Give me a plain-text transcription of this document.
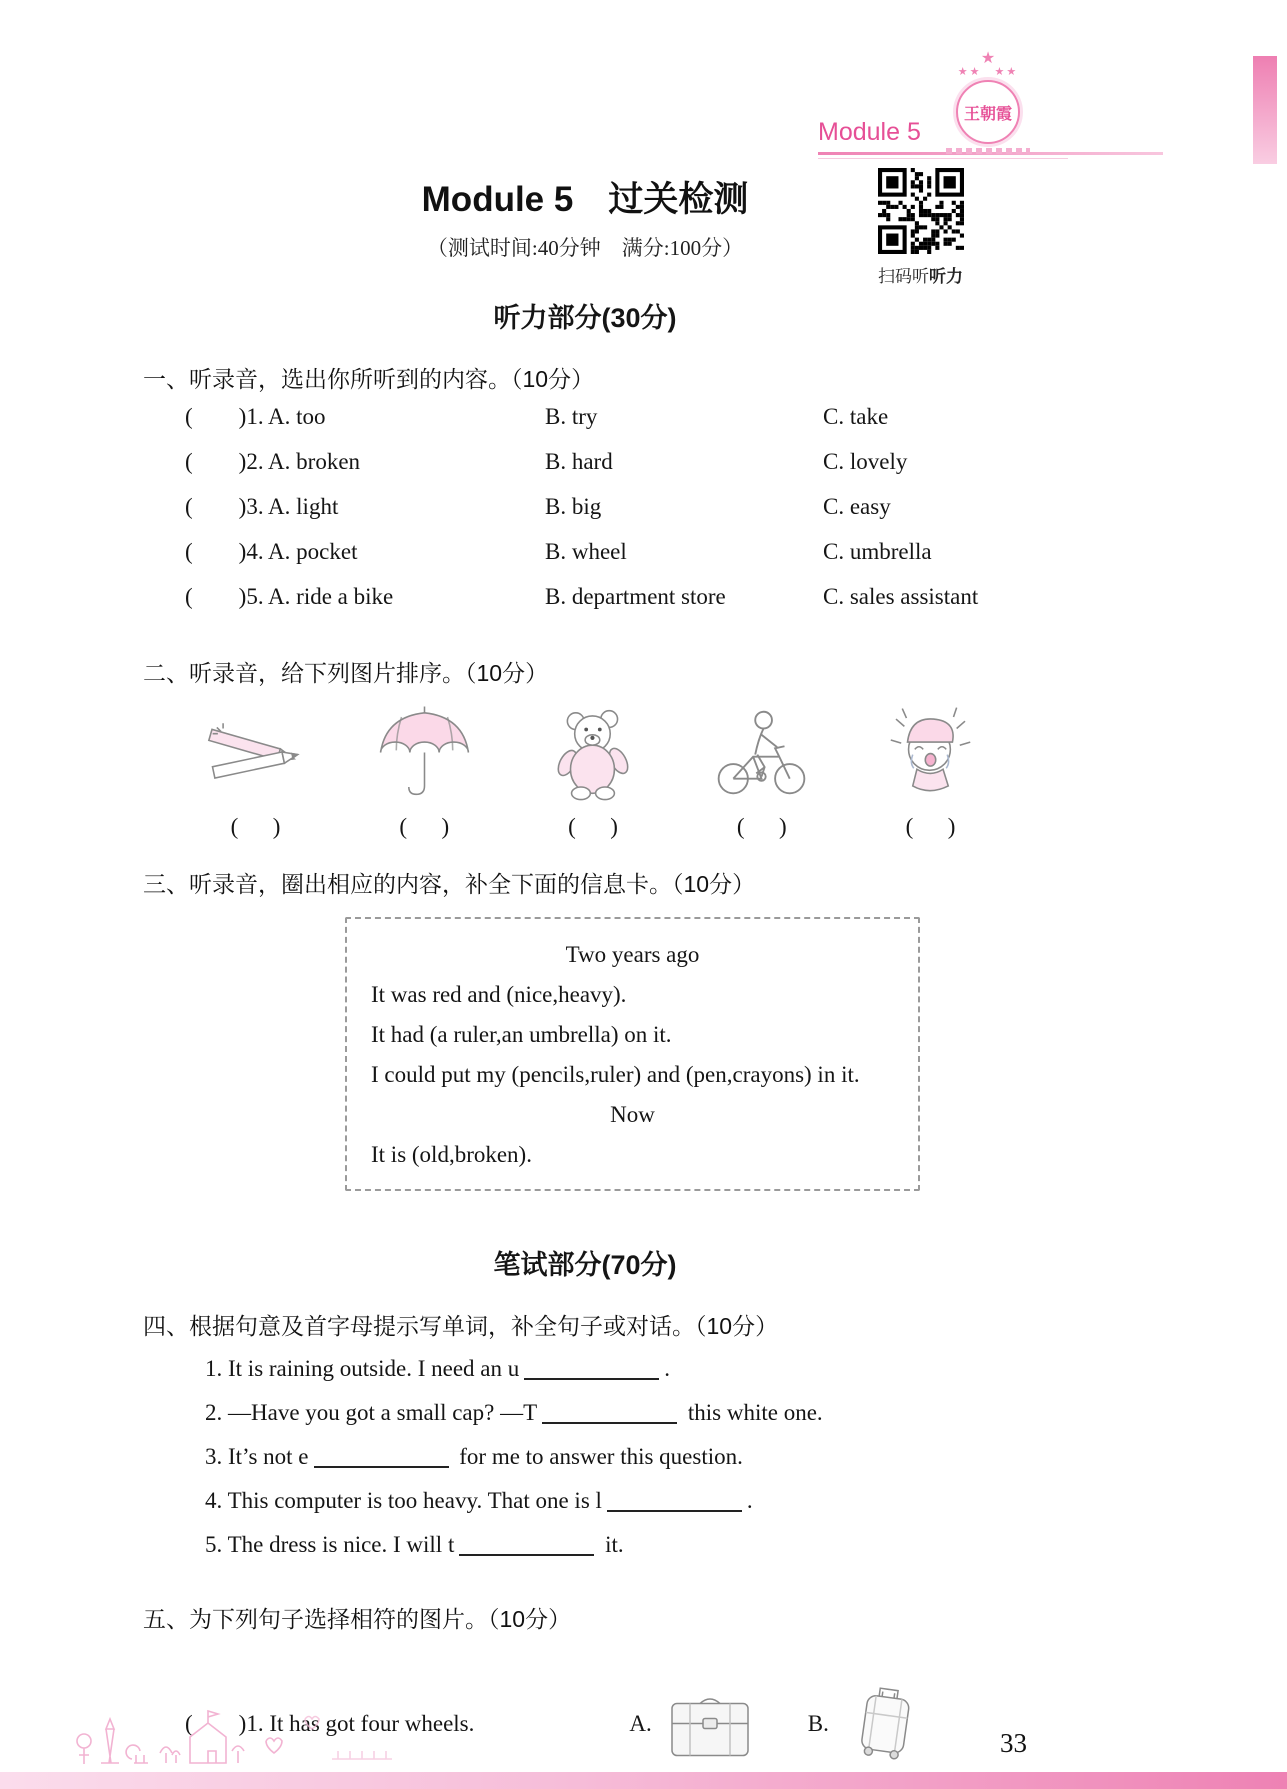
Module 5
★
★★　★★
王朝霞
扫码听听力
Module 5　过关检测
（测试时间:40分钟　满分:100分）
听力部分(30分)
一、听录音，选出你所听到的内容。（10分）
(        )1. A. too	B. try	C. take
(        )2. A. broken	B. hard	C. lovely
(        )3. A. light	B. big	C. easy
(        )4. A. pocket	B. wheel	C. umbrella
(        )5. A. ride a bike	B. department store	C. sales assistant
二、听录音，给下列图片排序。（10分）
(      )	(      )	(      )	(      )	(      )
三、听录音，圈出相应的内容，补全下面的信息卡。（10分）
Two years ago
It was red and (nice,heavy).
It had (a ruler,an umbrella) on it.
I could put my (pencils,ruler) and (pen,crayons) in it.
Now
It is (old,broken).
笔试部分(70分)
四、根据句意及首字母提示写单词，补全句子或对话。（10分）
1. It is raining outside. I need an u	.
2. —Have you got a small cap? —T	this white one.
3. It’s not e	for me to answer this question.
4. This computer is too heavy. That one is l	.
5. The dress is nice. I will t	it.
五、为下列句子选择相符的图片。（10分）
(        ) 1. It has got four wheels.	A.	B.
33
